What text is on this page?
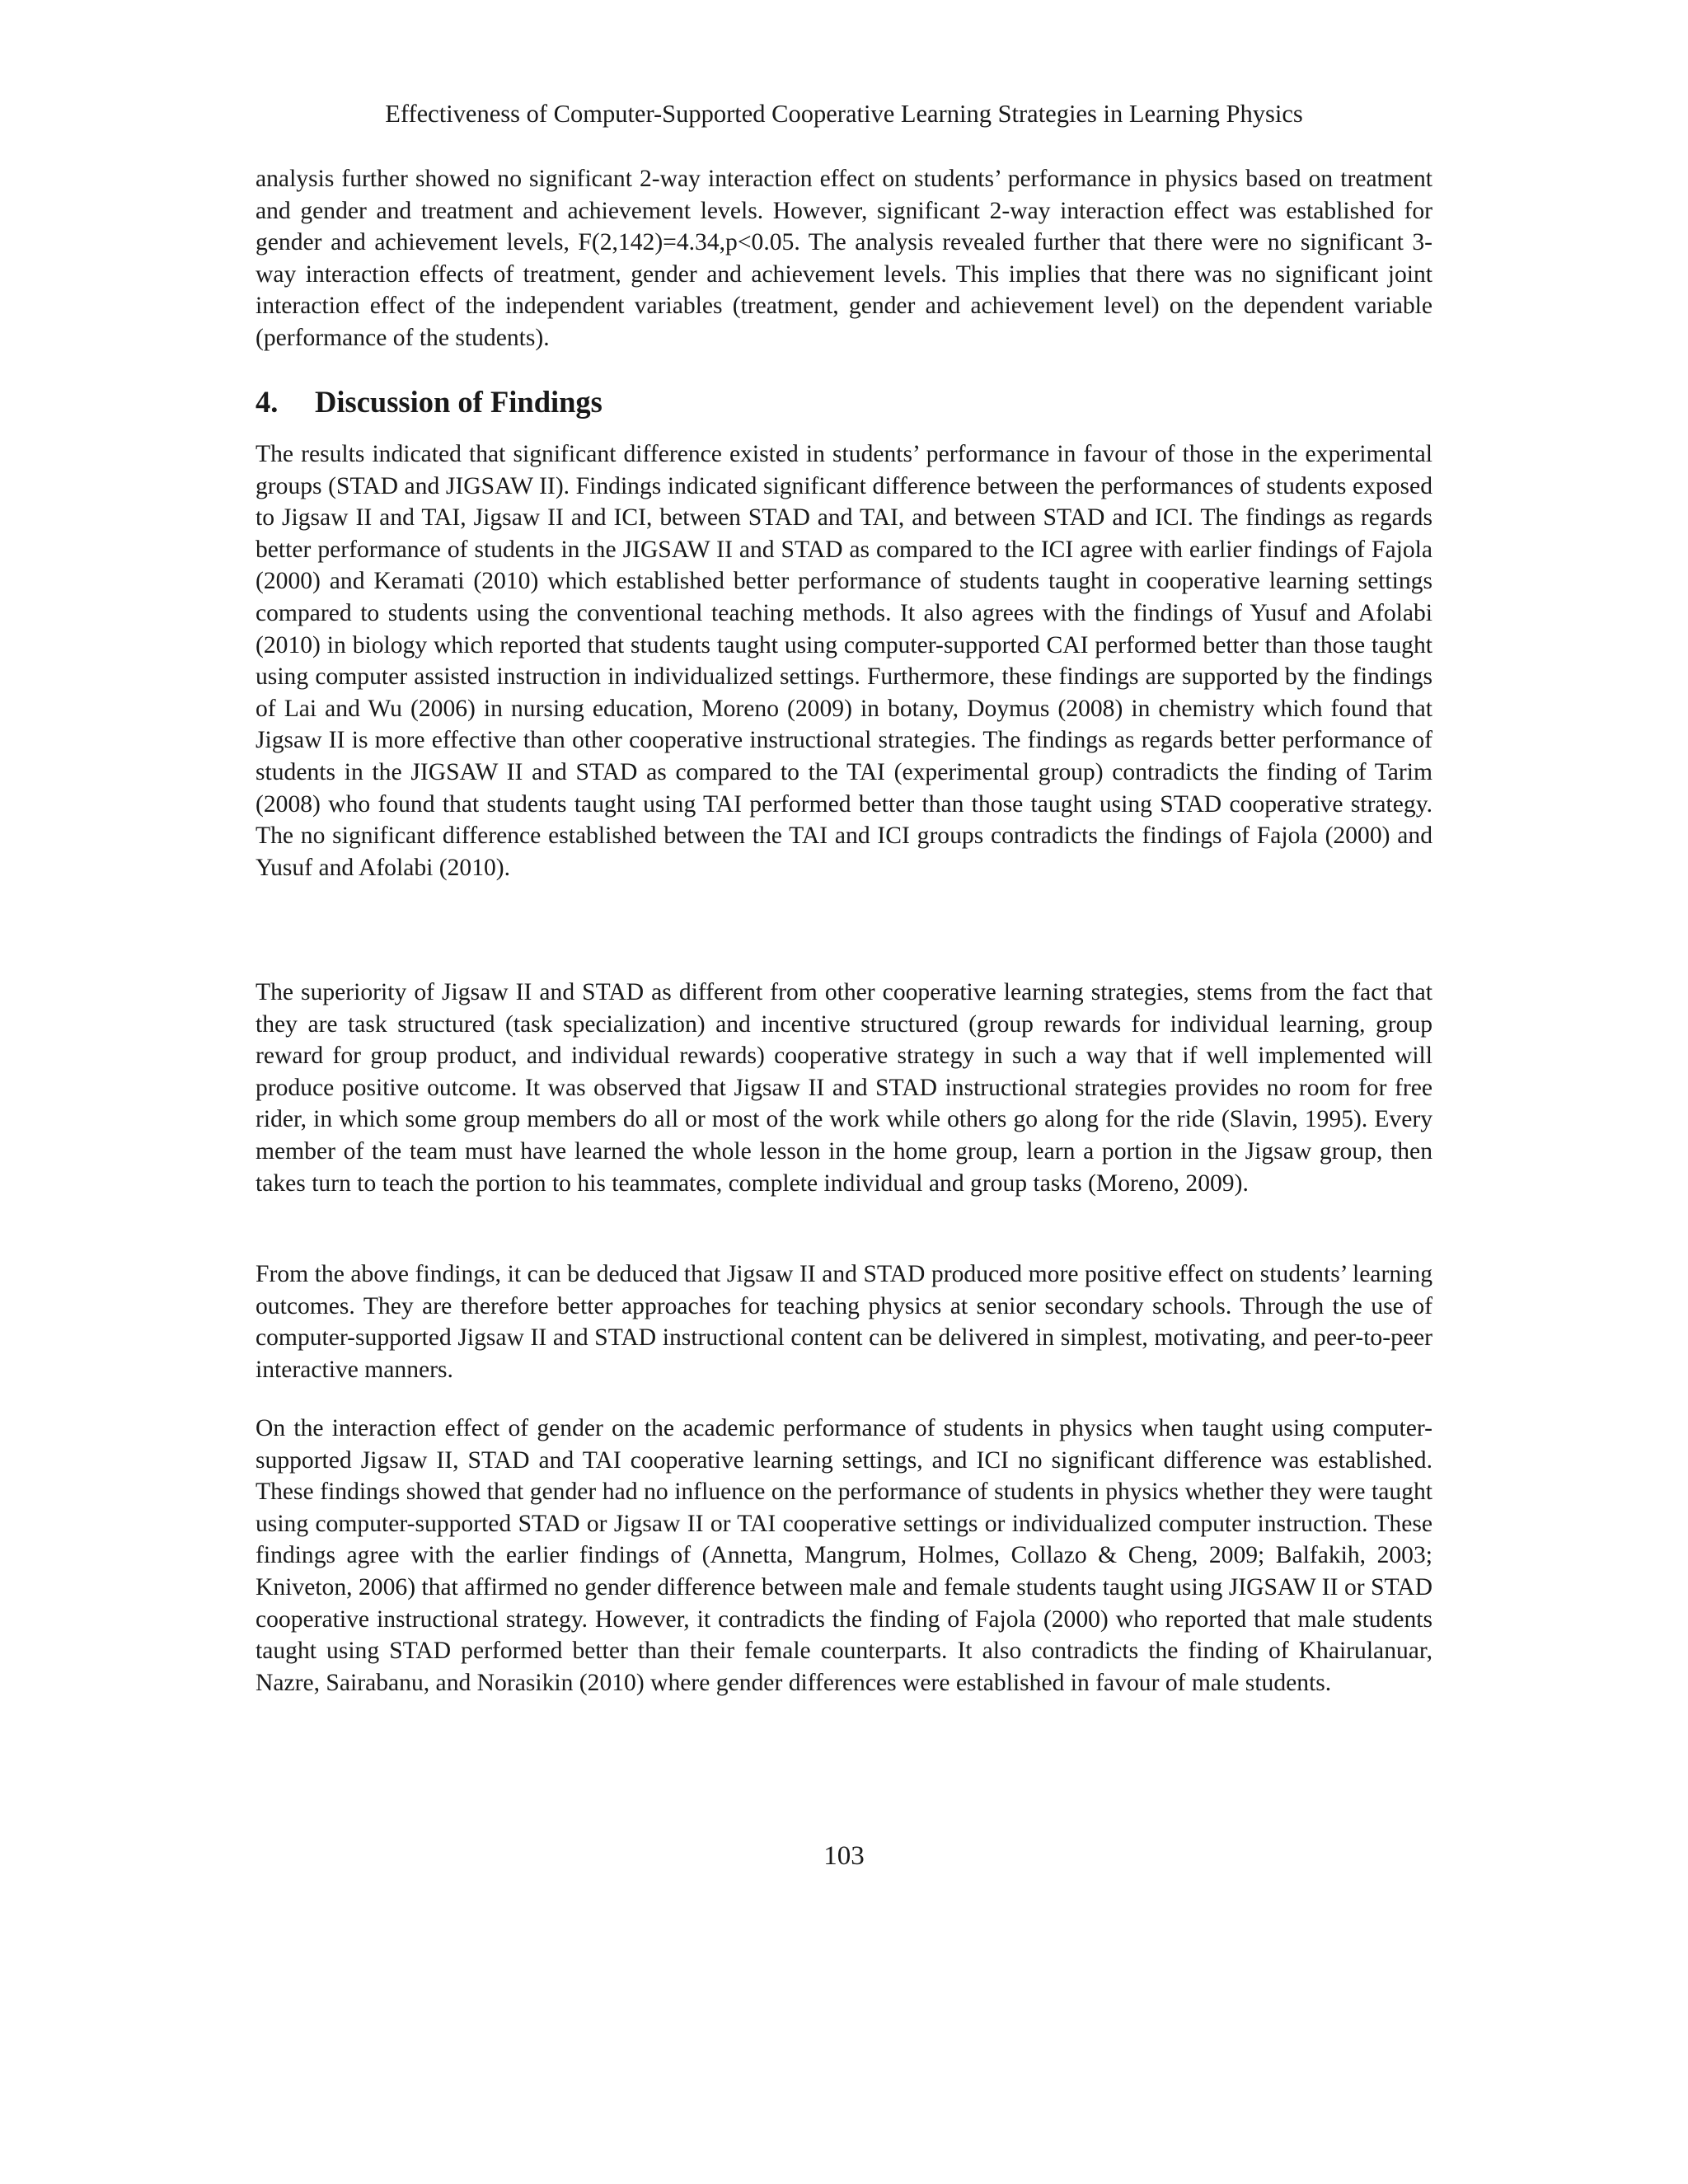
Effectiveness of Computer-Supported Cooperative Learning Strategies in Learning Physics

analysis further showed no significant 2-way interaction effect on students’ performance in physics based on treatment and gender and treatment and achievement levels. However, significant 2-way interaction effect was established for gender and achievement levels, F(2,142)=4.34,p<0.05. The analysis revealed further that there were no significant 3-way interaction effects of treatment, gender and achievement levels. This implies that there was no significant joint interaction effect of the independent variables (treatment, gender and achievement level) on the dependent variable (performance of the students).

4. Discussion of Findings

The results indicated that significant difference existed in students’ performance in favour of those in the experimental groups (STAD and JIGSAW II). Findings indicated significant difference between the performances of students exposed to Jigsaw II and TAI, Jigsaw II and ICI, between STAD and TAI, and between STAD and ICI. The findings as regards better performance of students in the JIGSAW II and STAD as compared to the ICI agree with earlier findings of Fajola (2000) and Keramati (2010) which established better performance of students taught in cooperative learning settings compared to students using the conventional teaching methods. It also agrees with the findings of Yusuf and Afolabi (2010) in biology which reported that students taught using computer-supported CAI performed better than those taught using computer assisted instruction in individualized settings. Furthermore, these findings are supported by the findings of Lai and Wu (2006) in nursing education, Moreno (2009) in botany, Doymus (2008) in chemistry which found that Jigsaw II is more effective than other cooperative instructional strategies. The findings as regards better performance of students in the JIGSAW II and STAD as compared to the TAI (experimental group) contradicts the finding of Tarim (2008) who found that students taught using TAI performed better than those taught using STAD cooperative strategy. The no significant difference established between the TAI and ICI groups contradicts the findings of Fajola (2000) and Yusuf and Afolabi (2010).

The superiority of Jigsaw II and STAD as different from other cooperative learning strategies, stems from the fact that they are task structured (task specialization) and incentive structured (group rewards for individual learning, group reward for group product, and individual rewards) cooperative strategy in such a way that if well implemented will produce positive outcome. It was observed that Jigsaw II and STAD instructional strategies provides no room for free rider, in which some group members do all or most of the work while others go along for the ride (Slavin, 1995). Every member of the team must have learned the whole lesson in the home group, learn a portion in the Jigsaw group, then takes turn to teach the portion to his teammates, complete individual and group tasks (Moreno, 2009).

From the above findings, it can be deduced that Jigsaw II and STAD produced more positive effect on students’ learning outcomes. They are therefore better approaches for teaching physics at senior secondary schools. Through the use of computer-supported Jigsaw II and STAD instructional content can be delivered in simplest, motivating, and peer-to-peer interactive manners.

On the interaction effect of gender on the academic performance of students in physics when taught using computer-supported Jigsaw II, STAD and TAI cooperative learning settings, and ICI no significant difference was established. These findings showed that gender had no influence on the performance of students in physics whether they were taught using computer-supported STAD or Jigsaw II or TAI cooperative settings or individualized computer instruction. These findings agree with the earlier findings of (Annetta, Mangrum, Holmes, Collazo & Cheng, 2009; Balfakih, 2003; Kniveton, 2006) that affirmed no gender difference between male and female students taught using JIGSAW II or STAD cooperative instructional strategy. However, it contradicts the finding of Fajola (2000) who reported that male students taught using STAD performed better than their female counterparts. It also contradicts the finding of Khairulanuar, Nazre, Sairabanu, and Norasikin (2010) where gender differences were established in favour of male students.

103
